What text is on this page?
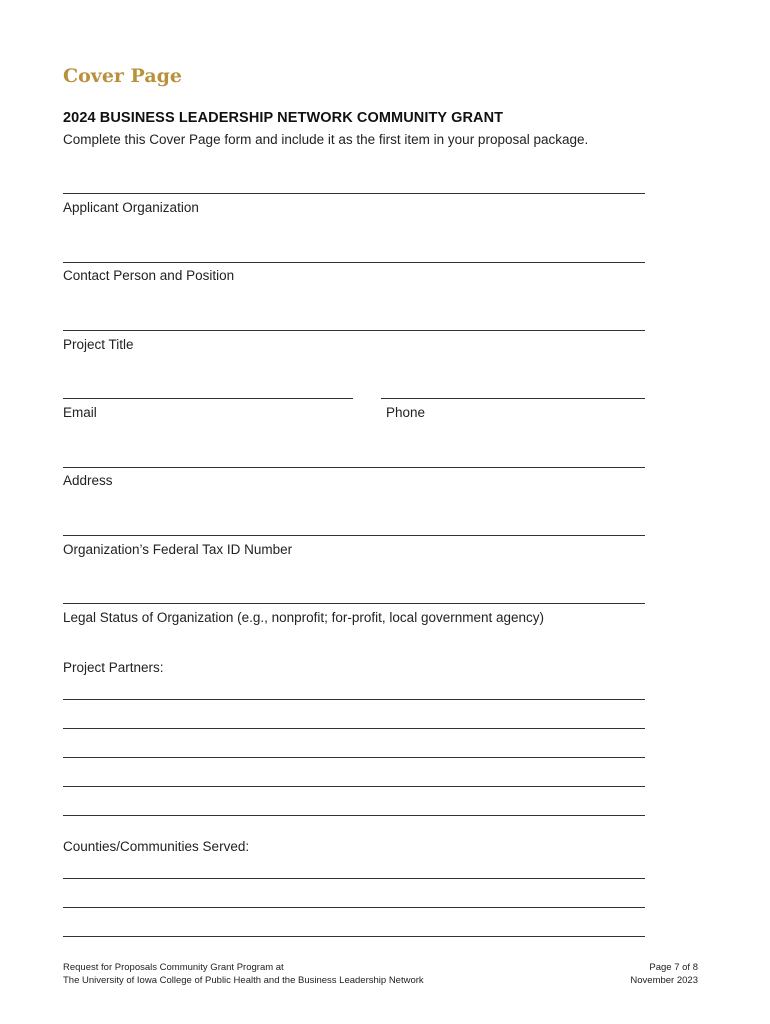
Cover Page
2024 BUSINESS LEADERSHIP NETWORK COMMUNITY GRANT

Complete this Cover Page form and include it as the first item in your proposal package.

Applicant Organization

Contact Person and Position

Project Title

Email	Phone

Address

Organization’s Federal Tax ID Number

Legal Status of Organization (e.g., nonprofit; for-profit, local government agency)

Project Partners:

Counties/Communities Served:

Request for Proposals Community Grant Program at
The University of Iowa College of Public Health and the Business Leadership Network
Page 7 of 8
November 2023
